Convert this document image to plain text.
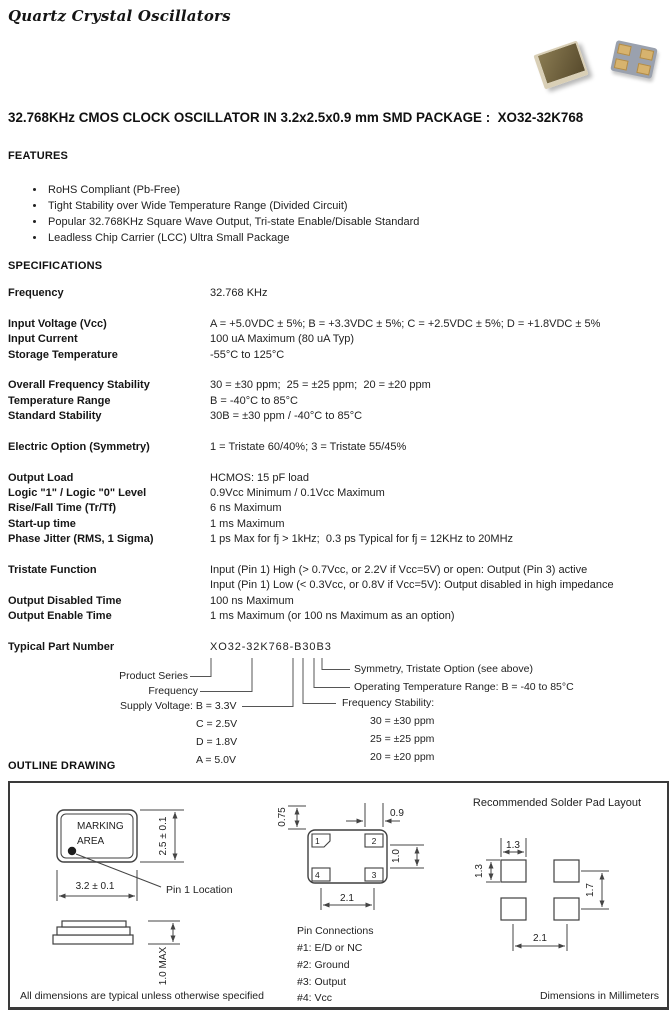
Quartz Crystal Oscillators
32.768KHz CMOS CLOCK OSCILLATOR IN 3.2x2.5x0.9 mm SMD PACKAGE :  XO32-32K768
FEATURES
• RoHS Compliant (Pb-Free)
• Tight Stability over Wide Temperature Range (Divided Circuit)
• Popular 32.768KHz Square Wave Output, Tri-state Enable/Disable Standard
• Leadless Chip Carrier (LCC) Ultra Small Package
SPECIFICATIONS
Frequency	32.768 KHz
Input Voltage (Vcc)	A = +5.0VDC ± 5%; B = +3.3VDC ± 5%; C = +2.5VDC ± 5%; D = +1.8VDC ± 5%
Input Current	100 uA Maximum (80 uA Typ)
Storage Temperature	-55°C to 125°C
Overall Frequency Stability	30 = ±30 ppm;  25 = ±25 ppm;  20 = ±20 ppm
Temperature Range	B = -40°C to 85°C
Standard Stability	30B = ±30 ppm / -40°C to 85°C
Electric Option (Symmetry)	1 = Tristate 60/40%; 3 = Tristate 55/45%
Output Load	HCMOS: 15 pF load
Logic "1" / Logic "0" Level	0.9Vcc Minimum / 0.1Vcc Maximum
Rise/Fall Time (Tr/Tf)	6 ns Maximum
Start-up time	1 ms Maximum
Phase Jitter (RMS, 1 Sigma)	1 ps Max for fj > 1kHz;  0.3 ps Typical for fj = 12KHz to 20MHz
Tristate Function	Input (Pin 1) High (> 0.7Vcc, or 2.2V if Vcc=5V) or open: Output (Pin 3) active
Input (Pin 1) Low (< 0.3Vcc, or 0.8V if Vcc=5V): Output disabled in high impedance
Output Disabled Time	100 ns Maximum
Output Enable Time	1 ms Maximum (or 100 ns Maximum as an option)
Typical Part Number	XO32-32K768-B30B3
Product Series
Frequency
Supply Voltage: B = 3.3V
C = 2.5V
D = 1.8V
A = 5.0V
Symmetry, Tristate Option (see above)
Operating Temperature Range: B = -40 to 85°C
Frequency Stability:
30 = ±30 ppm
25 = ±25 ppm
20 = ±20 ppm
OUTLINE DRAWING
MARKING
AREA	2.5 ± 0.1
3.2 ± 0.1	Pin 1 Location
1.0 MAX
1	2
3
4
0.75	0.9
1.0
2.1
Pin Connections
#1: E/D or NC
#2: Ground
#3: Output
#4: Vcc
Recommended Solder Pad Layout
1.3
1.3
1.7
2.1
All dimensions are typical unless otherwise specified	Dimensions in Millimeters
